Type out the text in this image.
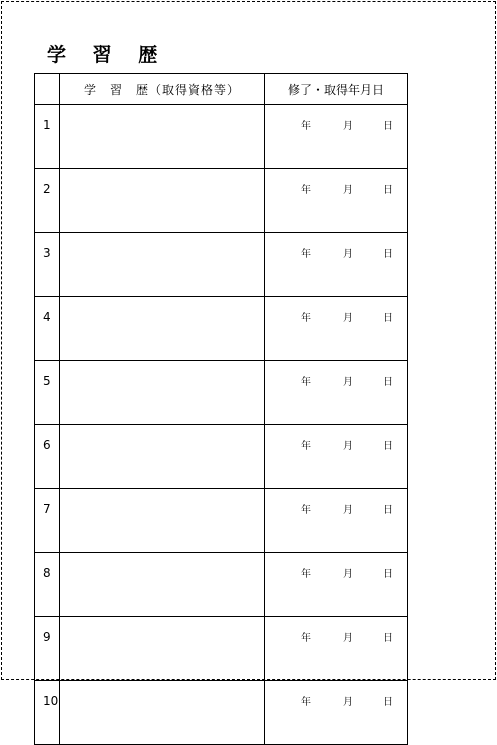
学 習 歴
	学　習　歴（取得資格等）	修了・取得年月日
1		年 月 日

2		年 月 日

3		年 月 日

4		年 月 日

5		年 月 日

6		年 月 日

7		年 月 日

8		年 月 日

9		年 月 日

10		年 月 日
